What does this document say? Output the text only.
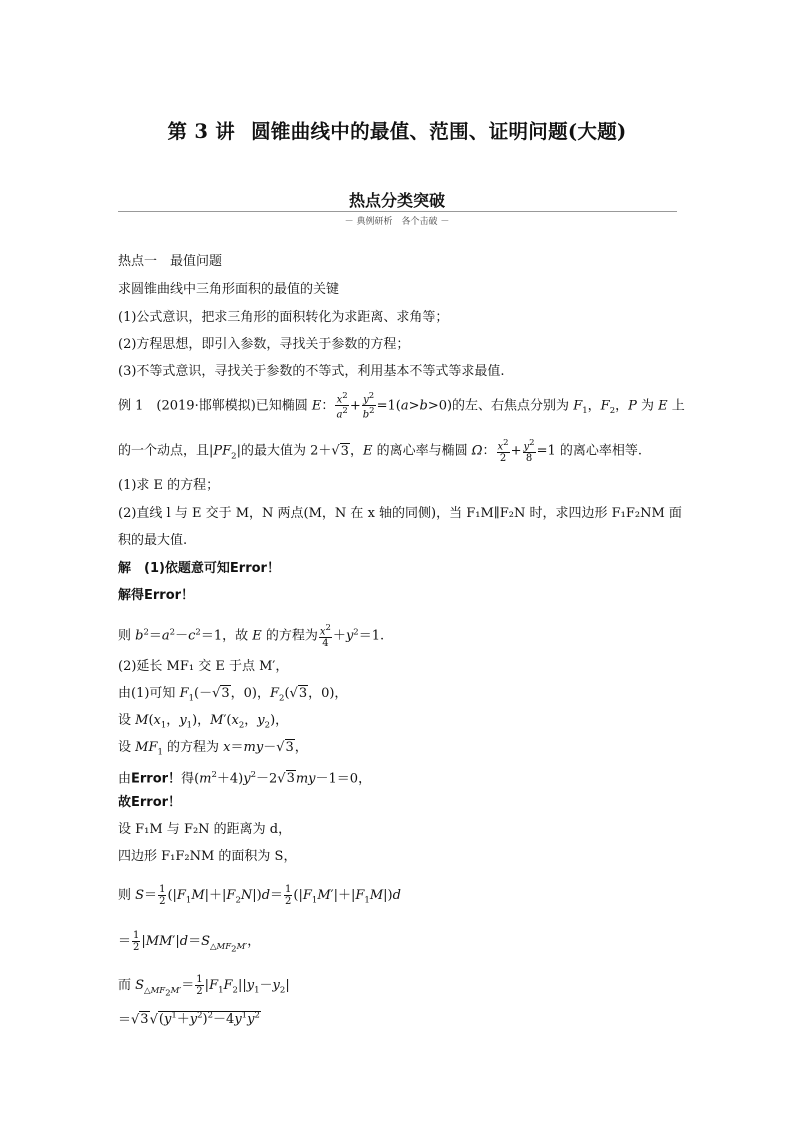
第 3 讲 圆锥曲线中的最值、范围、证明问题(大题)
热点分类突破
－ 典例研析　各个击破 －
热点一　最值问题
求圆锥曲线中三角形面积的最值的关键
(1)公式意识，把求三角形的面积转化为求距离、求角等；
(2)方程思想，即引入参数，寻找关于参数的方程；
(3)不等式意识，寻找关于参数的不等式，利用基本不等式等求最值.
例 1　 (2019·邯郸模拟)已知椭圆 E： $\frac{x^2}{a^2} + \frac{y^2}{b^2} =1(a>b>0)$的左、右焦点分别为 $F_1$，$F_2$，P 为 E 上
的一个动点，且$|PF_2|$的最大值为 2＋√3，E 的离心率与椭圆 Ω： $\frac{x^2}{2} + \frac{y^2}{8} =1$ 的离心率相等.
(1)求 E 的方程；
(2)直线 l 与 E 交于 M，N 两点(M，N 在 x 轴的同侧)，当 F₁M∥F₂N 时，求四边形 F₁F₂NM 面
积的最大值.
解　(1)依题意可知Error！
解得Error！
则 $b^2=a^2-c^2=1$，故 E 的方程为 $\frac{x^2}{4} +y^2=1$.
(2)延长 MF₁ 交 E 于点 M′，
由(1)可知 $F_1(-√3$，0)，$F_2(√3$，0)，
设 $M(x_1$，$y_1$)，$M'(x_2$，$y_2$)，
设 $MF_1$ 的方程为 x＝my－√3，
由Error！得$(m^2+4)y^2-2√3my-1=0$，
故Error！
设 F₁M 与 F₂N 的距离为 d，
四边形 F₁F₂NM 的面积为 S，
则 $S= \frac{1}{2} (|F_1M|+|F_2N|)d= \frac{1}{2} (|F_1M'|+|F_1M|)d$
＝ $\frac{1}{2} |MM'|d=S_{\triangle MF_2M'}$，
而 $S_{\triangle MF_2M'}= \frac{1}{2} |F_1F_2||y_1-y_2|$
$=√3√(y^1+y^2)^2-4y^1y^2$
